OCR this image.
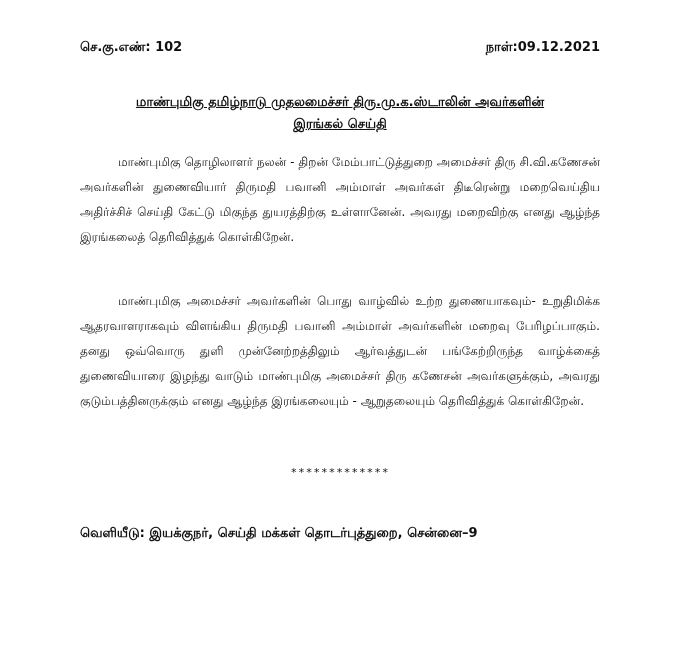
செ.கு.எண்: 102	நாள்:09.12.2021
மாண்புமிகு தமிழ்நாடு முதலமைச்சர் திரு.மு.க.ஸ்டாலின் அவர்களின்
இரங்கல் செய்தி

மாண்புமிகு தொழிலாளர் நலன் - திறன் மேம்பாட்டுத்துறை அமைச்சர் திரு சி.வி.கணேசன் அவர்களின் துணைவியார் திருமதி பவானி அம்மாள் அவர்கள் திடீரென்று மறைவெய்திய அதிர்ச்சிச் செய்தி கேட்டு மிகுந்த துயரத்திற்கு உள்ளானேன். அவரது மறைவிற்கு எனது ஆழ்ந்த இரங்கலைத் தெரிவித்துக் கொள்கிறேன்.

மாண்புமிகு அமைச்சர் அவர்களின் பொது வாழ்வில் உற்ற துணையாகவும்- உறுதிமிக்க ஆதரவாளராகவும் விளங்கிய திருமதி பவானி அம்மாள் அவர்களின் மறைவு பேரிழப்பாகும். தனது ஒவ்வொரு துளி முன்னேற்றத்திலும் ஆர்வத்துடன் பங்கேற்றிருந்த வாழ்க்கைத் துணைவியாரை இழந்து வாடும் மாண்புமிகு அமைச்சர் திரு கணேசன் அவர்களுக்கும், அவரது குடும்பத்தினருக்கும் எனது ஆழ்ந்த இரங்கலையும் - ஆறுதலையும் தெரிவித்துக் கொள்கிறேன்.

*************
வெளியீடு: இயக்குநர், செய்தி மக்கள் தொடர்புத்துறை, சென்னை–9
